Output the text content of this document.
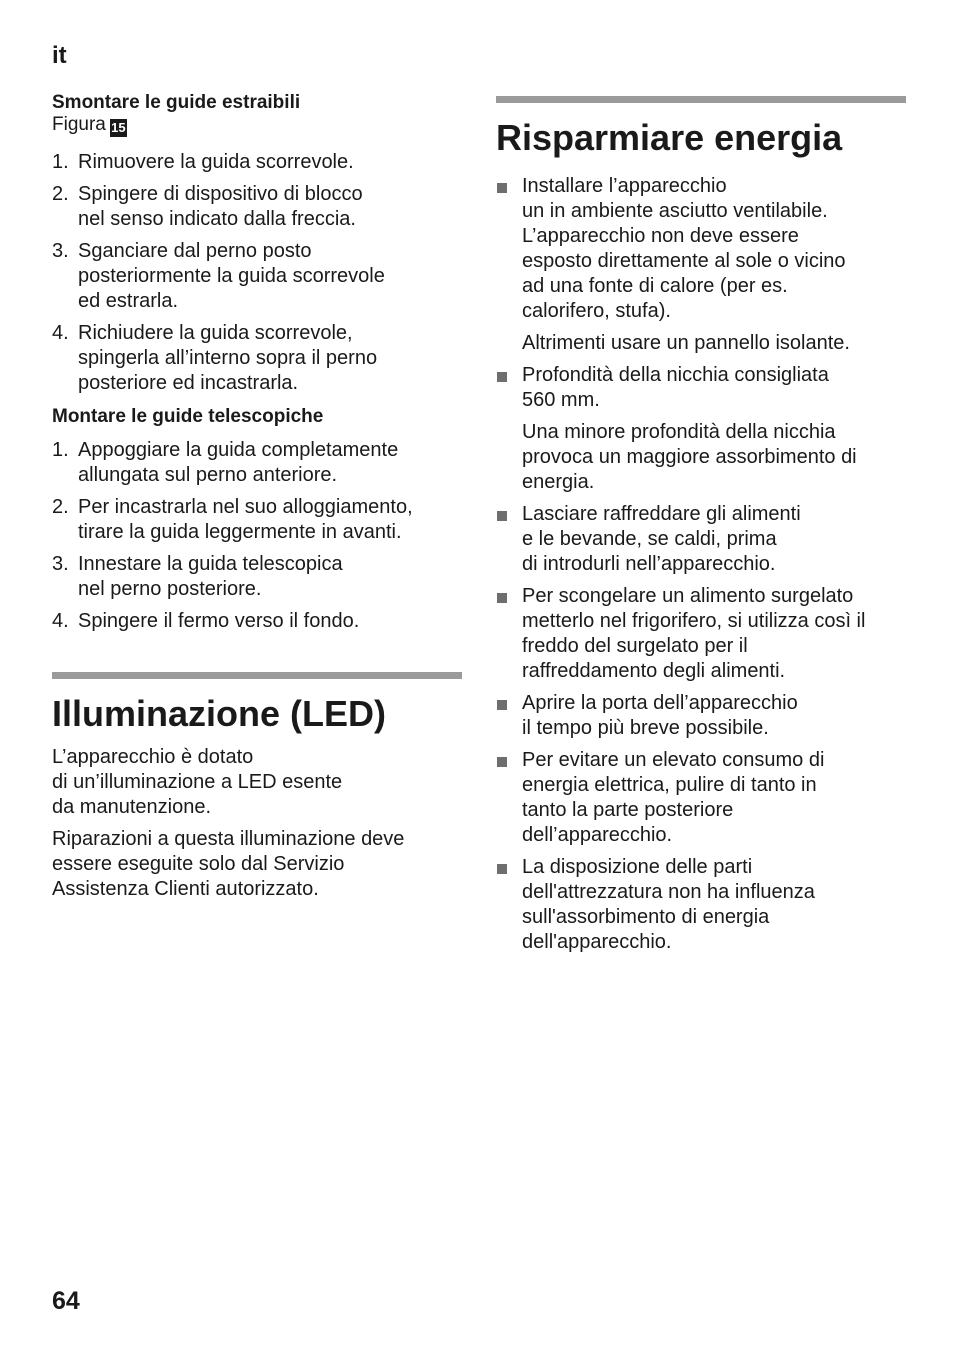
it

Smontare le guide estraibili

Figura 15

1. Rimuovere la guida scorrevole.
2. Spingere di dispositivo di blocco
nel senso indicato dalla freccia.
3. Sganciare dal perno posto
posteriormente la guida scorrevole
ed estrarla.
4. Richiudere la guida scorrevole,
spingerla all’interno sopra il perno
posteriore ed incastrarla.

Montare le guide telescopiche

1. Appoggiare la guida completamente
allungata sul perno anteriore.
2. Per incastrarla nel suo alloggiamento,
tirare la guida leggermente in avanti.
3. Innestare la guida telescopica
nel perno posteriore.
4. Spingere il fermo verso il fondo.
Illuminazione (LED)

L’apparecchio è dotato
di un’illuminazione a LED esente
da manutenzione.

Riparazioni a questa illuminazione deve
essere eseguite solo dal Servizio
Assistenza Clienti autorizzato.

Risparmiare energia
Installare l’apparecchio
un in ambiente asciutto ventilabile.
L’apparecchio non deve essere
esposto direttamente al sole o vicino
ad una fonte di calore (per es.
calorifero, stufa).
Altrimenti usare un pannello isolante.
Profondità della nicchia consigliata
560 mm.
Una minore profondità della nicchia
provoca un maggiore assorbimento di
energia.
Lasciare raffreddare gli alimenti
e le bevande, se caldi, prima
di introdurli nell’apparecchio.
Per scongelare un alimento surgelato
metterlo nel frigorifero, si utilizza così il
freddo del surgelato per il
raffreddamento degli alimenti.
Aprire la porta dell’apparecchio
il tempo più breve possibile.
Per evitare un elevato consumo di
energia elettrica, pulire di tanto in
tanto la parte posteriore
dell’apparecchio.
La disposizione delle parti
dell'attrezzatura non ha influenza
sull'assorbimento di energia
dell'apparecchio.
64
